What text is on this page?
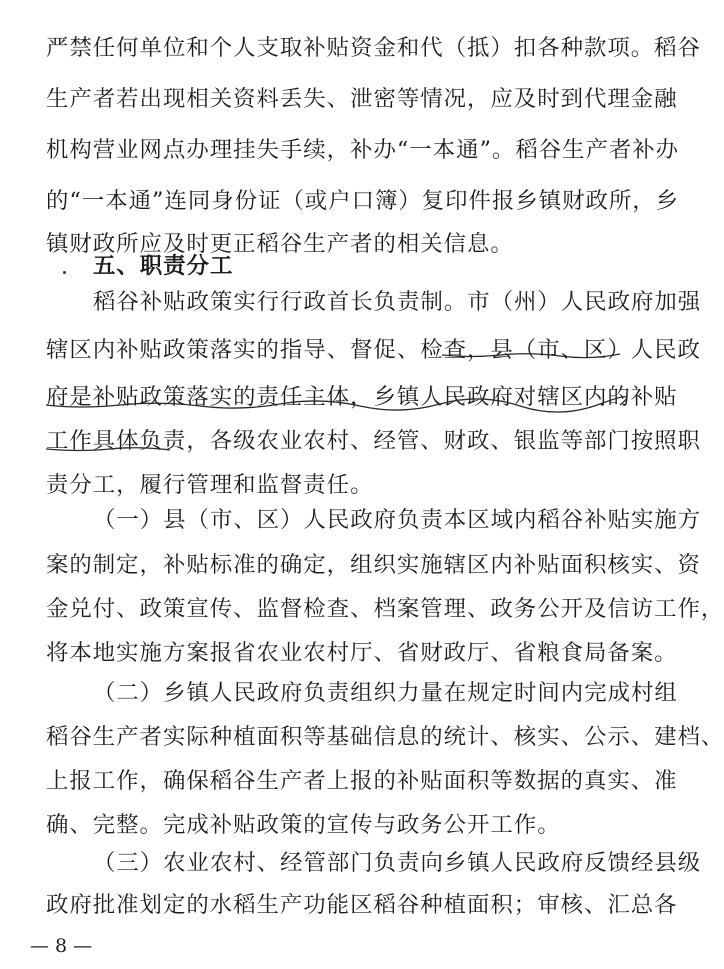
严禁任何单位和个人支取补贴资金和代（抵）扣各种款项。稻谷
生产者若出现相关资料丢失、泄密等情况，应及时到代理金融
机构营业网点办理挂失手续，补办“一本通”。稻谷生产者补办
的“一本通”连同身份证（或户口簿）复印件报乡镇财政所，乡
镇财政所应及时更正稻谷生产者的相关信息。
五、职责分工
稻谷补贴政策实行行政首长负责制。市（州）人民政府加强
辖区内补贴政策落实的指导、督促、检查，县（市、区）人民政
府是补贴政策落实的责任主体，乡镇人民政府对辖区内的补贴
工作具体负责，各级农业农村、经管、财政、银监等部门按照职
责分工，履行管理和监督责任。
（一）县（市、区）人民政府负责本区域内稻谷补贴实施方
案的制定，补贴标准的确定，组织实施辖区内补贴面积核实、资
金兑付、政策宣传、监督检查、档案管理、政务公开及信访工作，
将本地实施方案报省农业农村厅、省财政厅、省粮食局备案。
（二）乡镇人民政府负责组织力量在规定时间内完成村组
稻谷生产者实际种植面积等基础信息的统计、核实、公示、建档、
上报工作，确保稻谷生产者上报的补贴面积等数据的真实、准
确、完整。完成补贴政策的宣传与政务公开工作。
（三）农业农村、经管部门负责向乡镇人民政府反馈经县级
政府批准划定的水稻生产功能区稻谷种植面积；审核、汇总各
— 8 —
